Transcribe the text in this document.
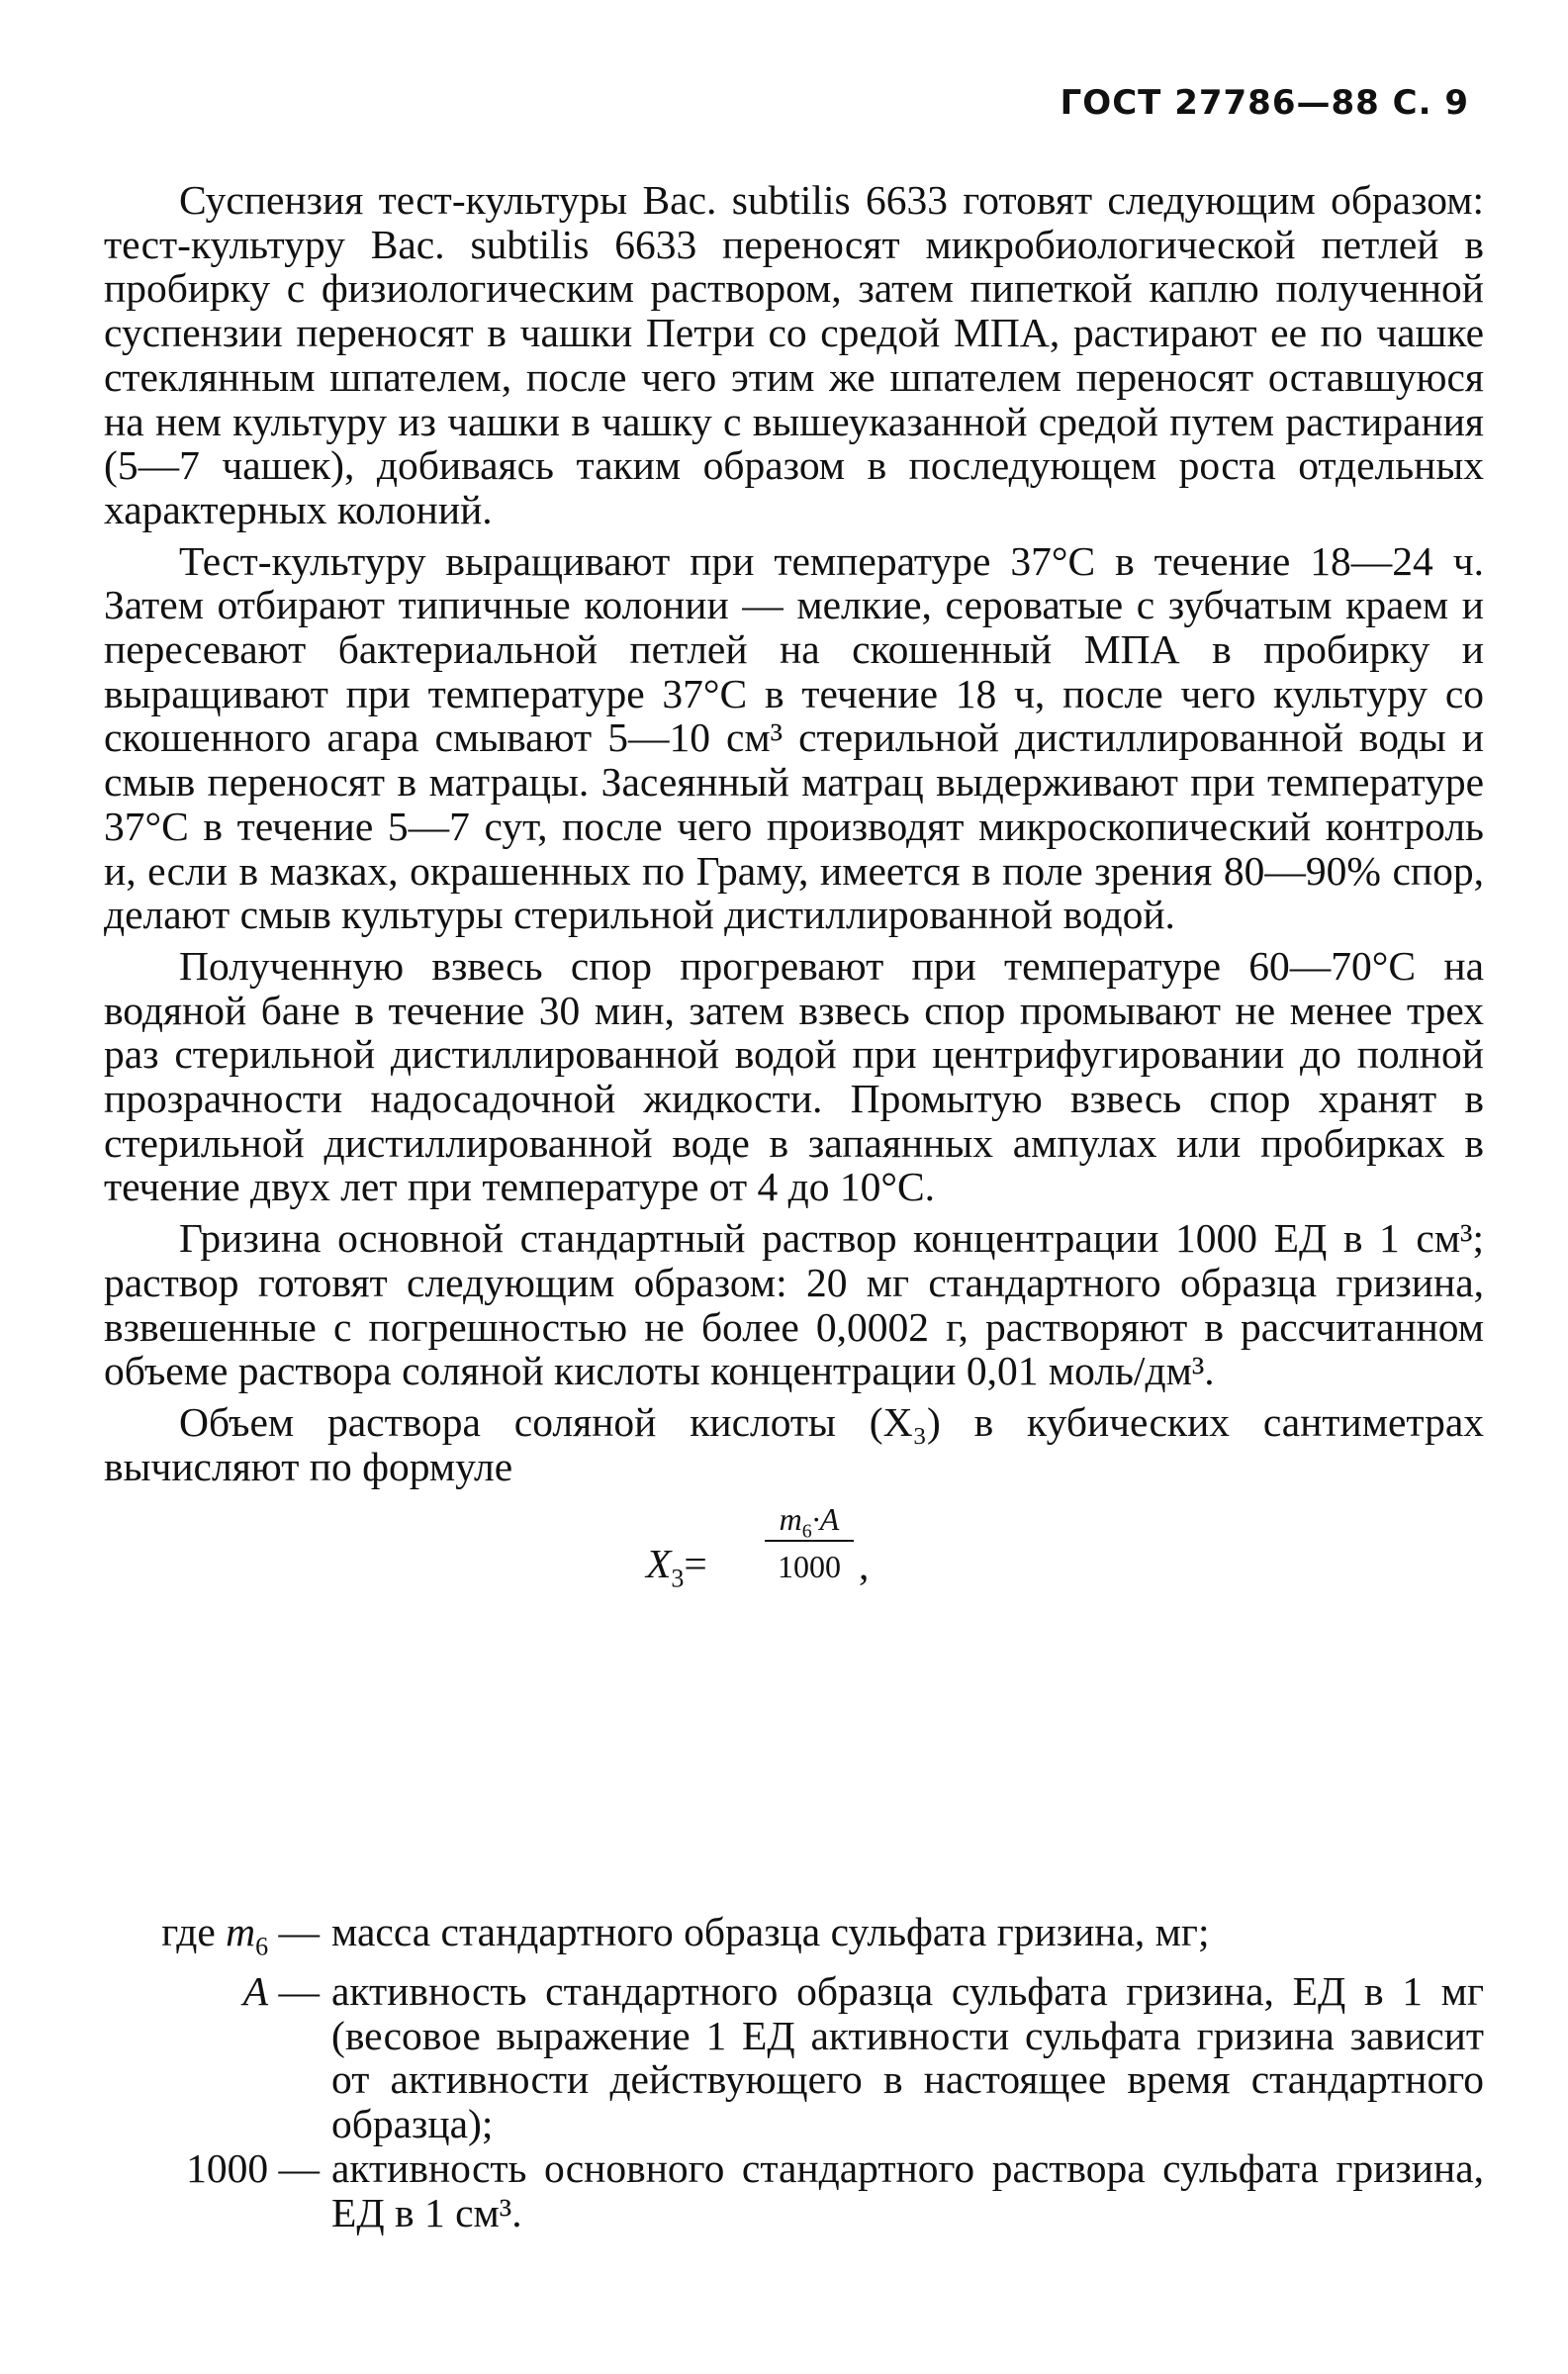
ГОСТ 27786—88 С. 9

Суспензия тест-культуры Вас. subtilis 6633 готовят следующим образом: тест-культуру Вас. subtilis 6633 переносят микробиологической петлей в пробирку с физиологическим раствором, затем пипеткой каплю полученной суспензии переносят в чашки Петри со средой МПА, растирают ее по чашке стеклянным шпателем, после чего этим же шпателем переносят оставшуюся на нем культуру из чашки в чашку с вышеуказанной средой путем растирания (5—7 чашек), добиваясь таким образом в последующем роста отдельных характерных колоний.

Тест-культуру выращивают при температуре 37°С в течение 18—24 ч. Затем отбирают типичные колонии — мелкие, сероватые с зубчатым краем и пересевают бактериальной петлей на скошенный МПА в пробирку и выращивают при температуре 37°С в течение 18 ч, после чего культуру со скошенного агара смывают 5—10 см³ стерильной дистиллированной воды и смыв переносят в матрацы. Засеянный матрац выдерживают при температуре 37°С в течение 5—7 сут, после чего производят микроскопический контроль и, если в мазках, окрашенных по Граму, имеется в поле зрения 80—90% спор, делают смыв культуры стерильной дистиллированной водой.

Полученную взвесь спор прогревают при температуре 60—70°С на водяной бане в течение 30 мин, затем взвесь спор промывают не менее трех раз стерильной дистиллированной водой при центрифугировании до полной прозрачности надосадочной жидкости. Промытую взвесь спор хранят в стерильной дистиллированной воде в запаянных ампулах или пробирках в течение двух лет при температуре от 4 до 10°С.

Гризина основной стандартный раствор концентрации 1000 ЕД в 1 см³; раствор готовят следующим образом: 20 мг стандартного образца гризина, взвешенные с погрешностью не более 0,0002 г, растворяют в рассчитанном объеме раствора соляной кислоты концентрации 0,01 моль/дм³.

Объем раствора соляной кислоты (X₃) в кубических сантиметрах вычисляют по формуле

$X_3=$
$m_6\cdot A$
1000 ,
где $m_6$ — масса стандартного образца сульфата гризина, мг;
A — активность стандартного образца сульфата гризина, ЕД в 1 мг (весовое выражение 1 ЕД активности сульфата гризина зависит от активности действующего в настоящее время стандартного образца);
1000 — активность основного стандартного раствора сульфата гризина, ЕД в 1 см³.
